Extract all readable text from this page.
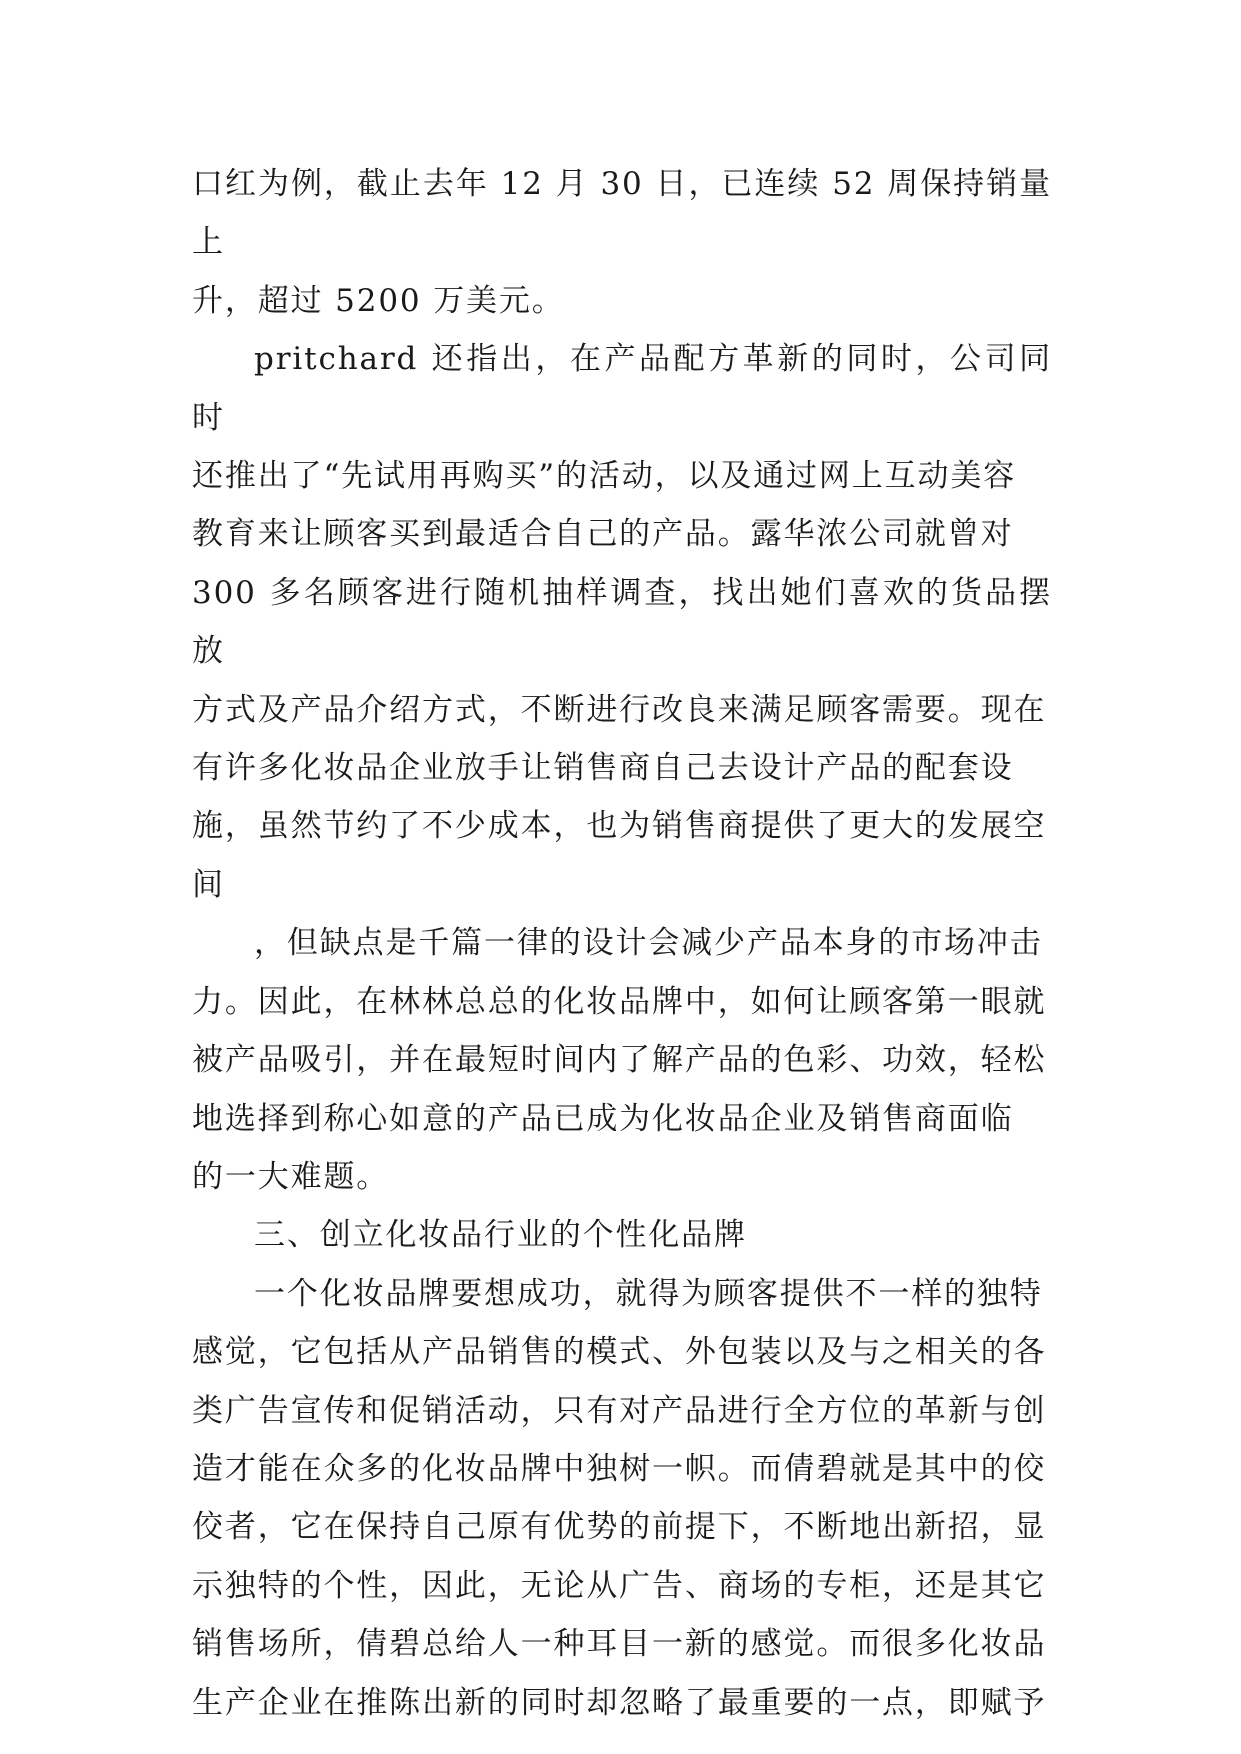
口红为例，截止去年 12 月 30 日，已连续 52 周保持销量上
升，超过 5200 万美元。

pritchard 还指出，在产品配方革新的同时，公司同时
还推出了“先试用再购买”的活动，以及通过网上互动美容
教育来让顾客买到最适合自己的产品。露华浓公司就曾对
300 多名顾客进行随机抽样调查，找出她们喜欢的货品摆放
方式及产品介绍方式，不断进行改良来满足顾客需要。现在
有许多化妆品企业放手让销售商自己去设计产品的配套设
施，虽然节约了不少成本，也为销售商提供了更大的发展空
间

，但缺点是千篇一律的设计会减少产品本身的市场冲击
力。因此，在林林总总的化妆品牌中，如何让顾客第一眼就
被产品吸引，并在最短时间内了解产品的色彩、功效，轻松
地选择到称心如意的产品已成为化妆品企业及销售商面临
的一大难题。

三、创立化妆品行业的个性化品牌

一个化妆品牌要想成功，就得为顾客提供不一样的独特
感觉，它包括从产品销售的模式、外包装以及与之相关的各
类广告宣传和促销活动，只有对产品进行全方位的革新与创
造才能在众多的化妆品牌中独树一帜。而倩碧就是其中的佼
佼者，它在保持自己原有优势的前提下，不断地出新招，显
示独特的个性，因此，无论从广告、商场的专柜，还是其它
销售场所，倩碧总给人一种耳目一新的感觉。而很多化妆品
生产企业在推陈出新的同时却忽略了最重要的一点，即赋予
